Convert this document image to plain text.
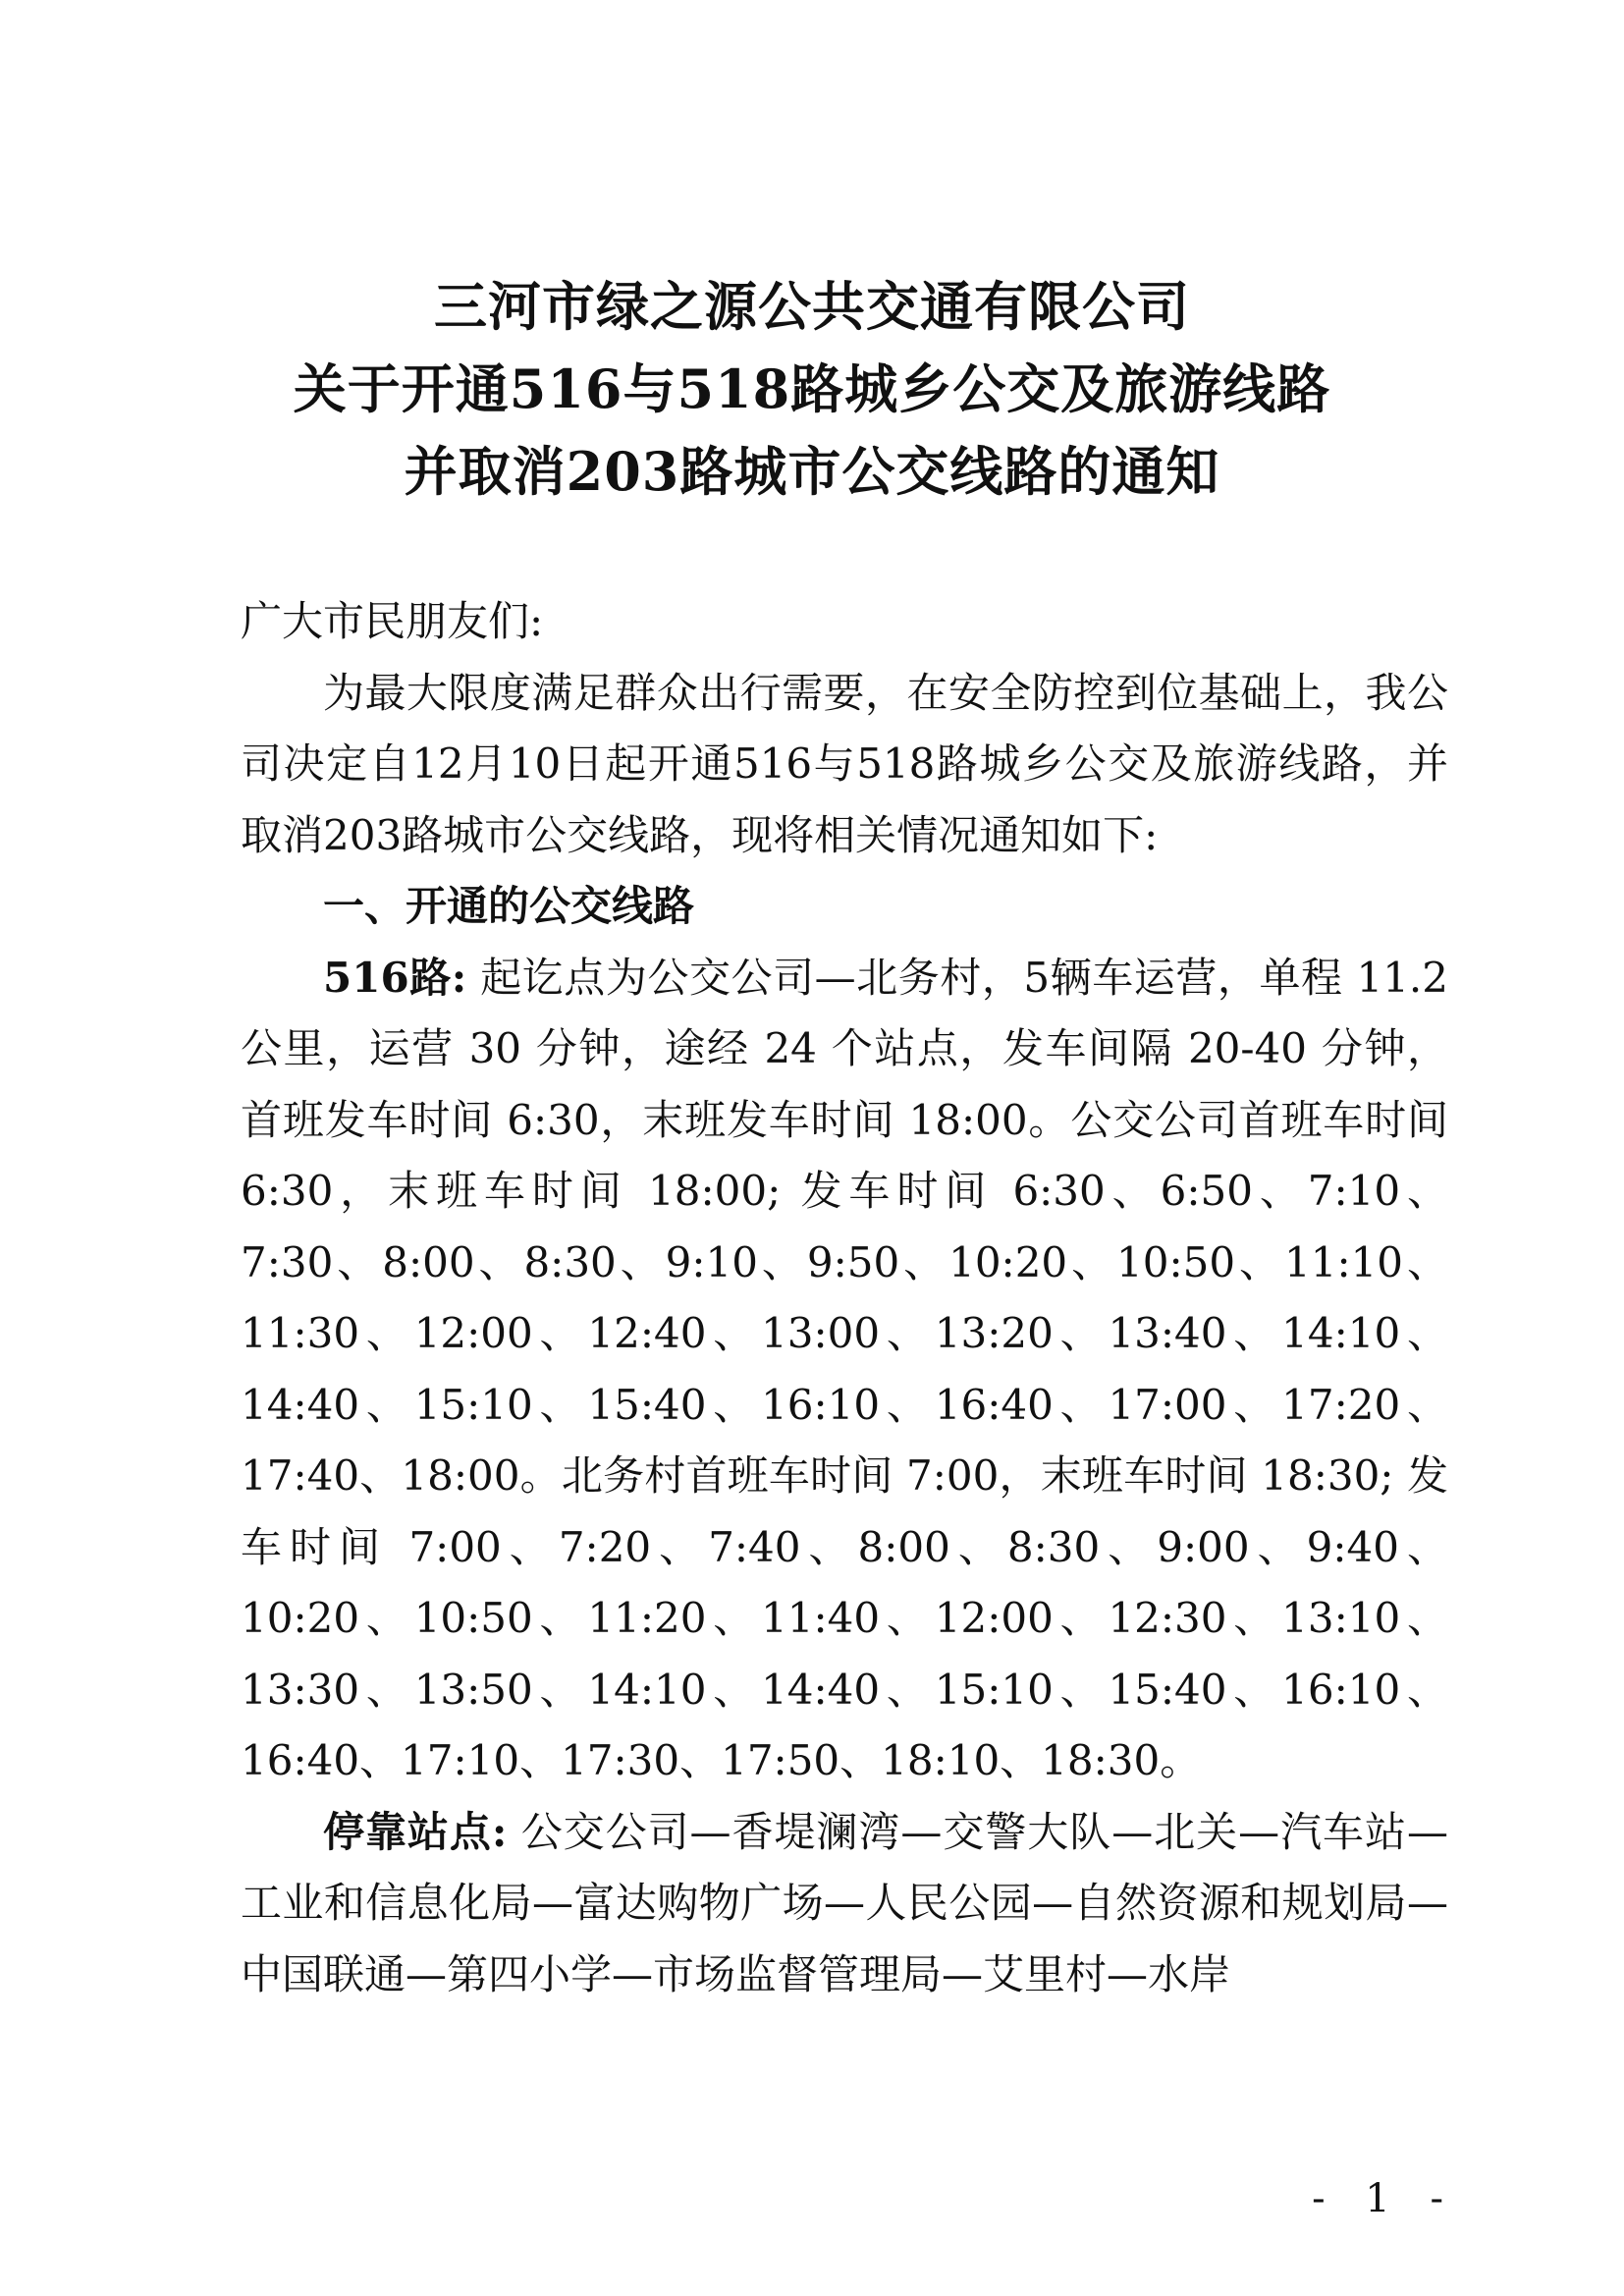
三河市绿之源公共交通有限公司
关于开通516与518路城乡公交及旅游线路
并取消203路城市公交线路的通知

广大市民朋友们:

为最大限度满足群众出行需要，在安全防控到位基础上，我公司决定自12月10日起开通516与518路城乡公交及旅游线路，并取消203路城市公交线路，现将相关情况通知如下:

一、开通的公交线路

516路: 起讫点为公交公司—北务村，5辆车运营，单程 11.2 公里，运营 30 分钟，途经 24 个站点，发车间隔 20-40 分钟，首班发车时间 6:30，末班发车时间 18:00。公交公司首班车时间 6:30，末班车时间 18:00; 发车时间 6:30、6:50、7:10、7:30、8:00、8:30、9:10、9:50、10:20、10:50、11:10、11:30、12:00、12:40、13:00、13:20、13:40、14:10、14:40、15:10、15:40、16:10、16:40、17:00、17:20、17:40、18:00。北务村首班车时间 7:00，末班车时间 18:30; 发车时间 7:00、7:20、7:40、8:00、8:30、9:00、9:40、10:20、10:50、11:20、11:40、12:00、12:30、13:10、13:30、13:50、14:10、14:40、15:10、15:40、16:10、16:40、17:10、17:30、17:50、18:10、18:30。

停靠站点: 公交公司—香堤澜湾—交警大队—北关—汽车站—工业和信息化局—富达购物广场—人民公园—自然资源和规划局—中国联通—第四小学—市场监督管理局—艾里村—水岸

- 1 -
